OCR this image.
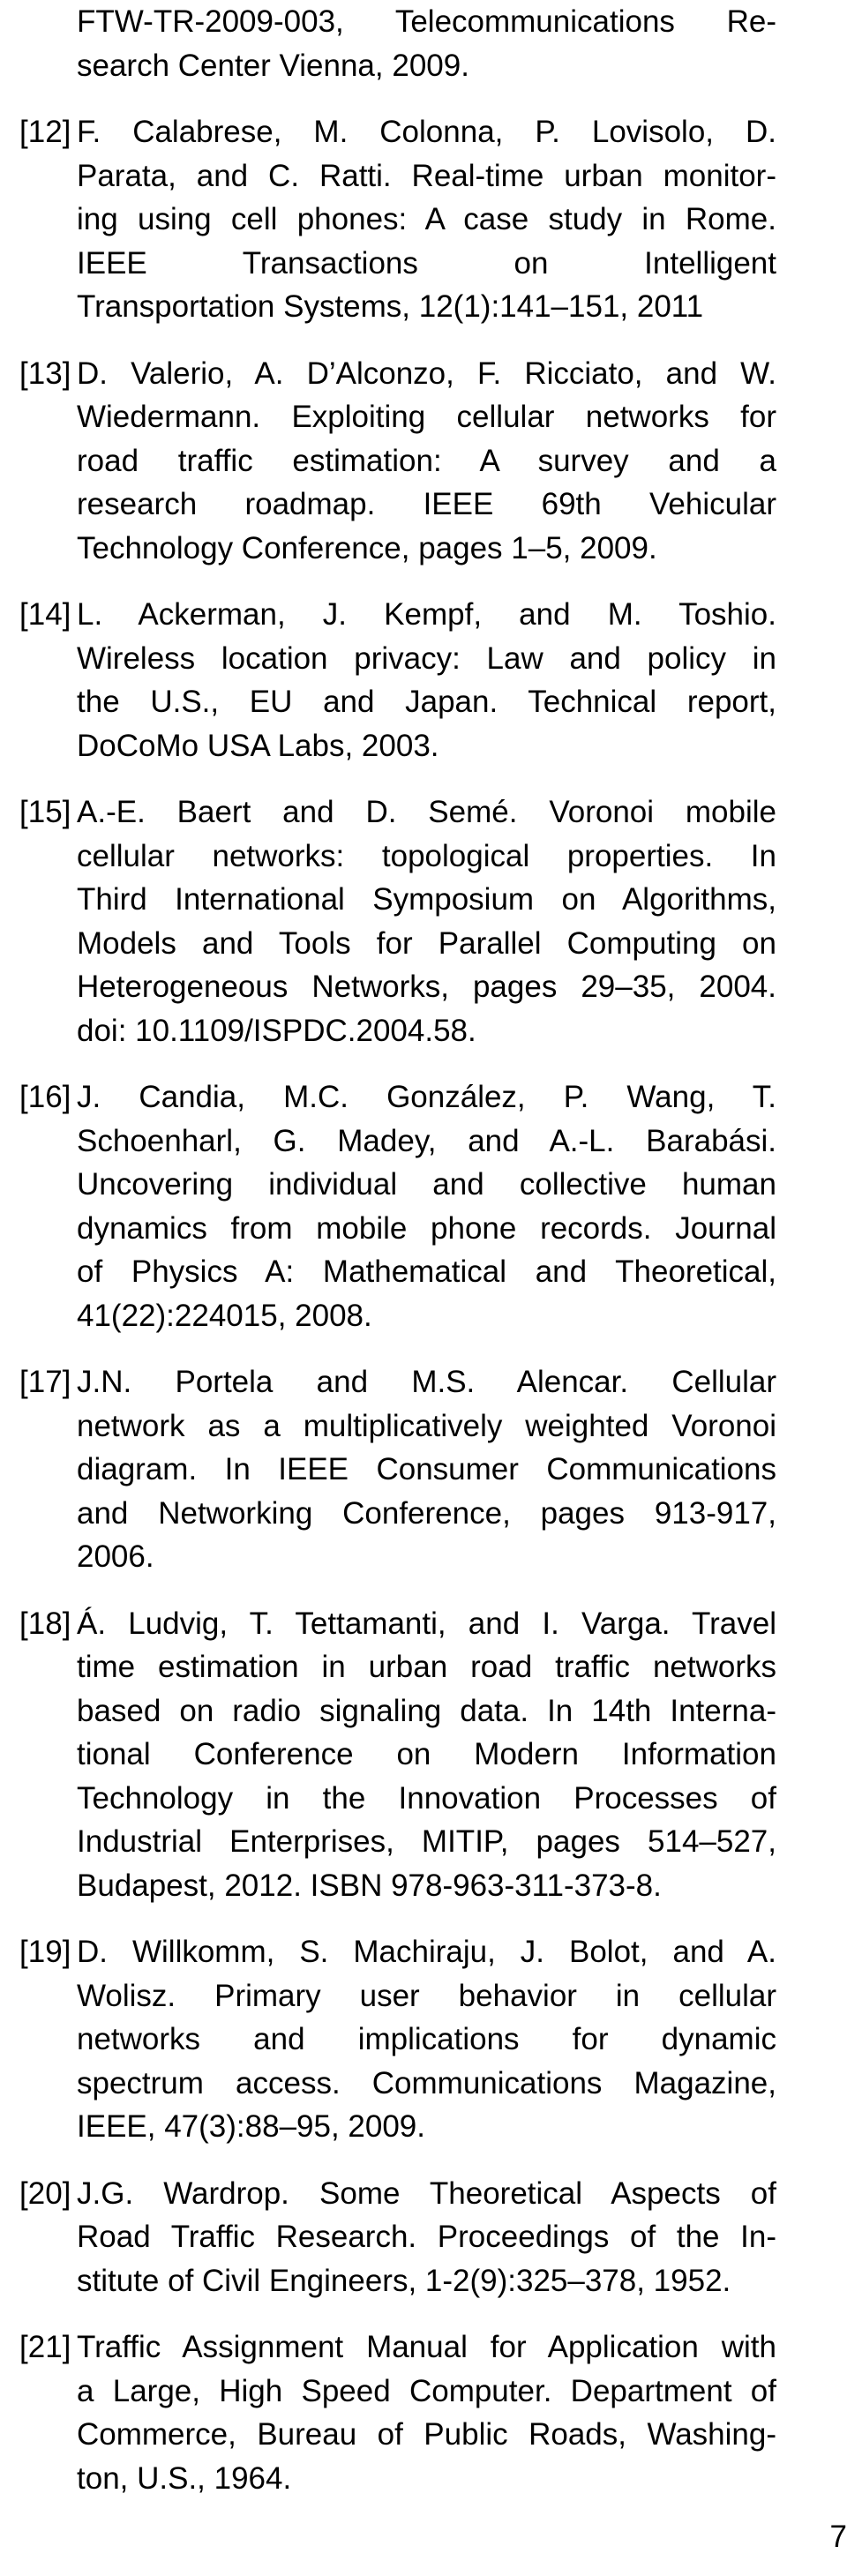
FTW-TR-2009-003, Telecommunications Re-
search Center Vienna, 2009.
[12] F. Calabrese, M. Colonna, P. Lovisolo, D.
Parata, and C. Ratti. Real-time urban monitor-
ing using cell phones: A case study in Rome.
IEEE Transactions on Intelligent
Transportation Systems, 12(1):141–151, 2011
[13] D. Valerio, A. D’Alconzo, F. Ricciato, and W.
Wiedermann. Exploiting cellular networks for
road traffic estimation: A survey and a
research roadmap. IEEE 69th Vehicular
Technology Conference, pages 1–5, 2009.
[14] L. Ackerman, J. Kempf, and M. Toshio.
Wireless location privacy: Law and policy in
the U.S., EU and Japan. Technical report,
DoCoMo USA Labs, 2003.
[15] A.-E. Baert and D. Semé. Voronoi mobile
cellular networks: topological properties. In
Third International Symposium on Algorithms,
Models and Tools for Parallel Computing on
Heterogeneous Networks, pages 29–35, 2004.
doi: 10.1109/ISPDC.2004.58.
[16] J. Candia, M.C. González, P. Wang, T.
Schoenharl, G. Madey, and A.-L. Barabási.
Uncovering individual and collective human
dynamics from mobile phone records. Journal
of Physics A: Mathematical and Theoretical,
41(22):224015, 2008.
[17] J.N. Portela and M.S. Alencar. Cellular
network as a multiplicatively weighted Voronoi
diagram. In IEEE Consumer Communications
and Networking Conference, pages 913-917,
2006.
[18] Á. Ludvig, T. Tettamanti, and I. Varga. Travel
time estimation in urban road traffic networks
based on radio signaling data. In 14th Interna-
tional Conference on Modern Information
Technology in the Innovation Processes of
Industrial Enterprises, MITIP, pages 514–527,
Budapest, 2012. ISBN 978-963-311-373-8.
[19] D. Willkomm, S. Machiraju, J. Bolot, and A.
Wolisz. Primary user behavior in cellular
networks and implications for dynamic
spectrum access. Communications Magazine,
IEEE, 47(3):88–95, 2009.
[20] J.G. Wardrop. Some Theoretical Aspects of
Road Traffic Research. Proceedings of the In-
stitute of Civil Engineers, 1-2(9):325–378, 1952.
[21] Traffic Assignment Manual for Application with
a Large, High Speed Computer. Department of
Commerce, Bureau of Public Roads, Washing-
ton, U.S., 1964.
7
